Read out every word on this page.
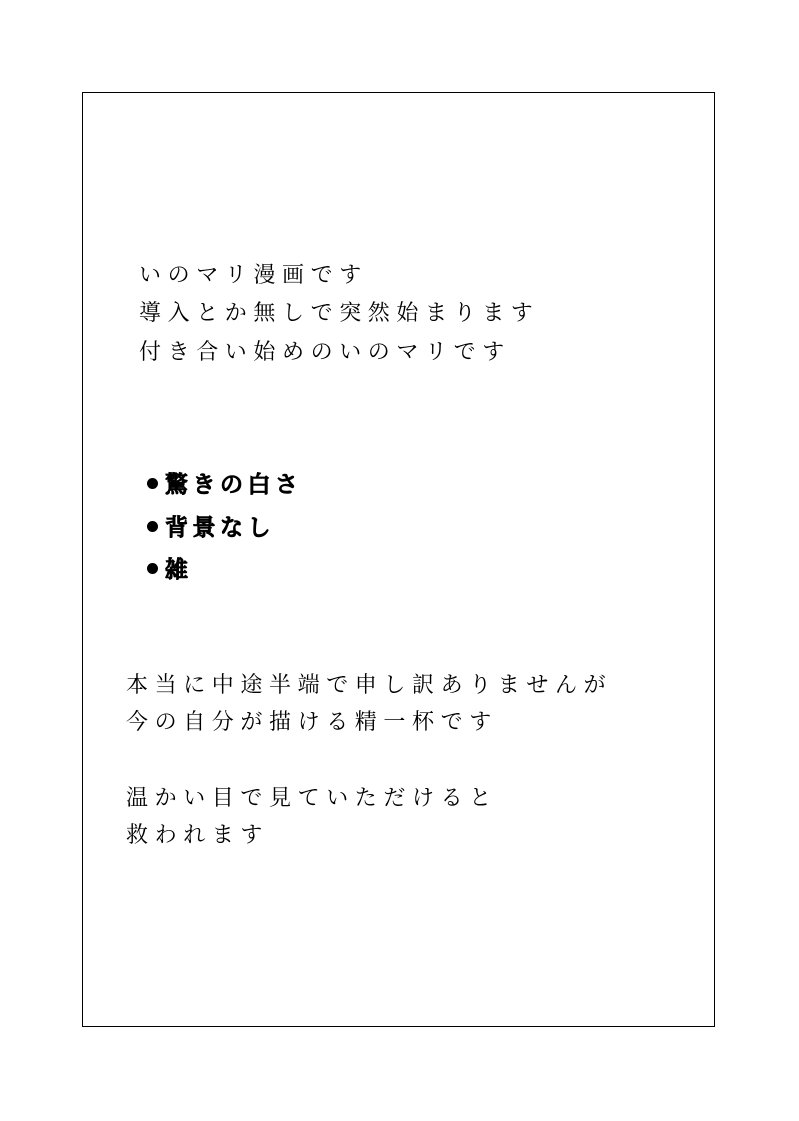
いのマリ漫画です
導入とか無しで突然始まります
付き合い始めのいのマリです
驚きの白さ
背景なし
雑
本当に中途半端で申し訳ありませんが
今の自分が描ける精一杯です
温かい目で見ていただけると
救われます
